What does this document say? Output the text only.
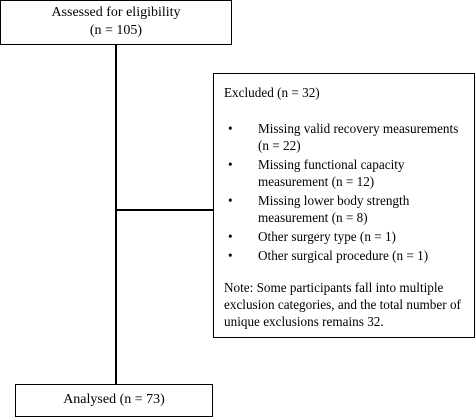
Assessed for eligibility
(n = 105)
Excluded (n = 32)
• Missing valid recovery measurements (n = 22)
• Missing functional capacity measurement (n = 12)
• Missing lower body strength measurement (n = 8)
• Other surgery type (n = 1)
• Other surgical procedure (n = 1)
Note: Some participants fall into multiple exclusion categories, and the total number of unique exclusions remains 32.
Analysed (n = 73)
